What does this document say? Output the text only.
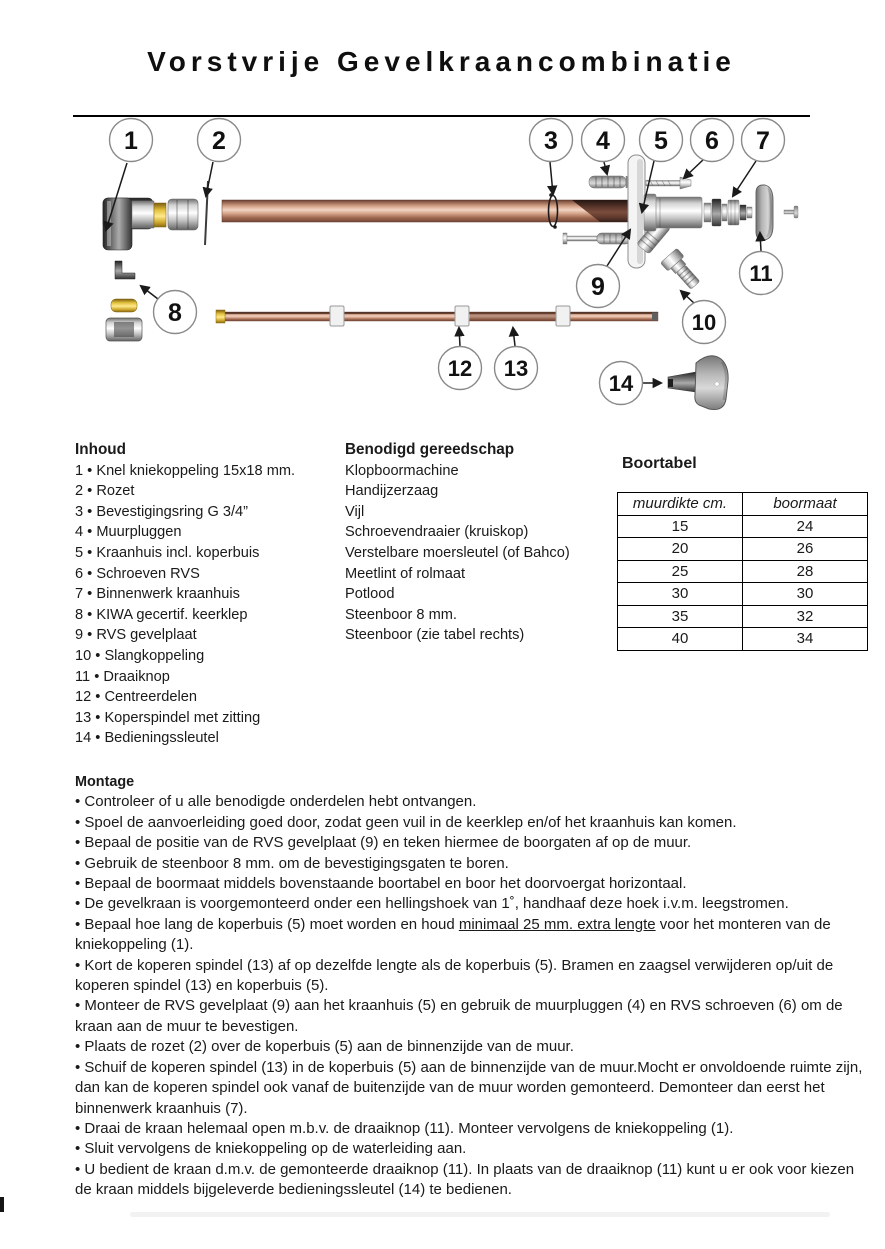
Vorstvrije Gevelkraancombinatie
1	2	3 4 5 6 7
8
9
10
11
12 13
14
Inhoud
1 • Knel kniekoppeling 15x18 mm.
2 • Rozet
3 • Bevestigingsring G 3/4”
4 • Muurpluggen
5 • Kraanhuis incl. koperbuis
6 • Schroeven RVS
7 • Binnenwerk kraanhuis
8 • KIWA gecertif. keerklep
9 • RVS gevelplaat
10 • Slangkoppeling
11 • Draaiknop
12 • Centreerdelen
13 • Koperspindel met zitting
14 • Bedieningssleutel
Benodigd gereedschap
Klopboormachine
Handijzerzaag
Vijl
Schroevendraaier (kruiskop)
Verstelbare moersleutel (of Bahco)
Meetlint of rolmaat
Potlood
Steenboor 8 mm.
Steenboor (zie tabel rechts)
Boortabel
muurdikte cm.	boormaat
15	24
20	26
25	28
30	30
35	32
40	34
Montage
• Controleer of u alle benodigde onderdelen hebt ontvangen.
• Spoel de aanvoerleiding goed door, zodat geen vuil in de keerklep en/of het kraanhuis kan komen.
• Bepaal de positie van de RVS gevelplaat (9) en teken hiermee de boorgaten af op de muur.
• Gebruik de steenboor 8 mm. om de bevestigingsgaten te boren.
• Bepaal de boormaat middels bovenstaande boortabel en boor het doorvoergat horizontaal.
• De gevelkraan is voorgemonteerd onder een hellingshoek van 1˚, handhaaf deze hoek i.v.m. leegstromen.
• Bepaal hoe lang de koperbuis (5) moet worden en houd minimaal 25 mm. extra lengte voor het monteren van de kniekoppeling (1).
• Kort de koperen spindel (13) af op dezelfde lengte als de koperbuis (5). Bramen en zaagsel verwijderen op/uit de koperen spindel (13) en koperbuis (5).
• Monteer de RVS gevelplaat (9) aan het kraanhuis (5) en gebruik de muurpluggen (4) en RVS schroeven (6) om de kraan aan de muur te bevestigen.
• Plaats de rozet (2) over de koperbuis (5) aan de binnenzijde van de muur.
• Schuif de koperen spindel (13) in de koperbuis (5) aan de binnenzijde van de muur.Mocht er onvoldoende ruimte zijn, dan kan de koperen spindel ook vanaf de buitenzijde van de muur worden gemonteerd. Demonteer dan eerst het binnenwerk kraanhuis (7).
• Draai de kraan helemaal open m.b.v. de draaiknop (11). Monteer vervolgens de kniekoppeling (1).
• Sluit vervolgens de kniekoppeling op de waterleiding aan.
• U bedient de kraan d.m.v. de gemonteerde draaiknop (11). In plaats van de draaiknop (11) kunt u er ook voor kiezen de kraan middels bijgeleverde bedieningssleutel (14) te bedienen.
